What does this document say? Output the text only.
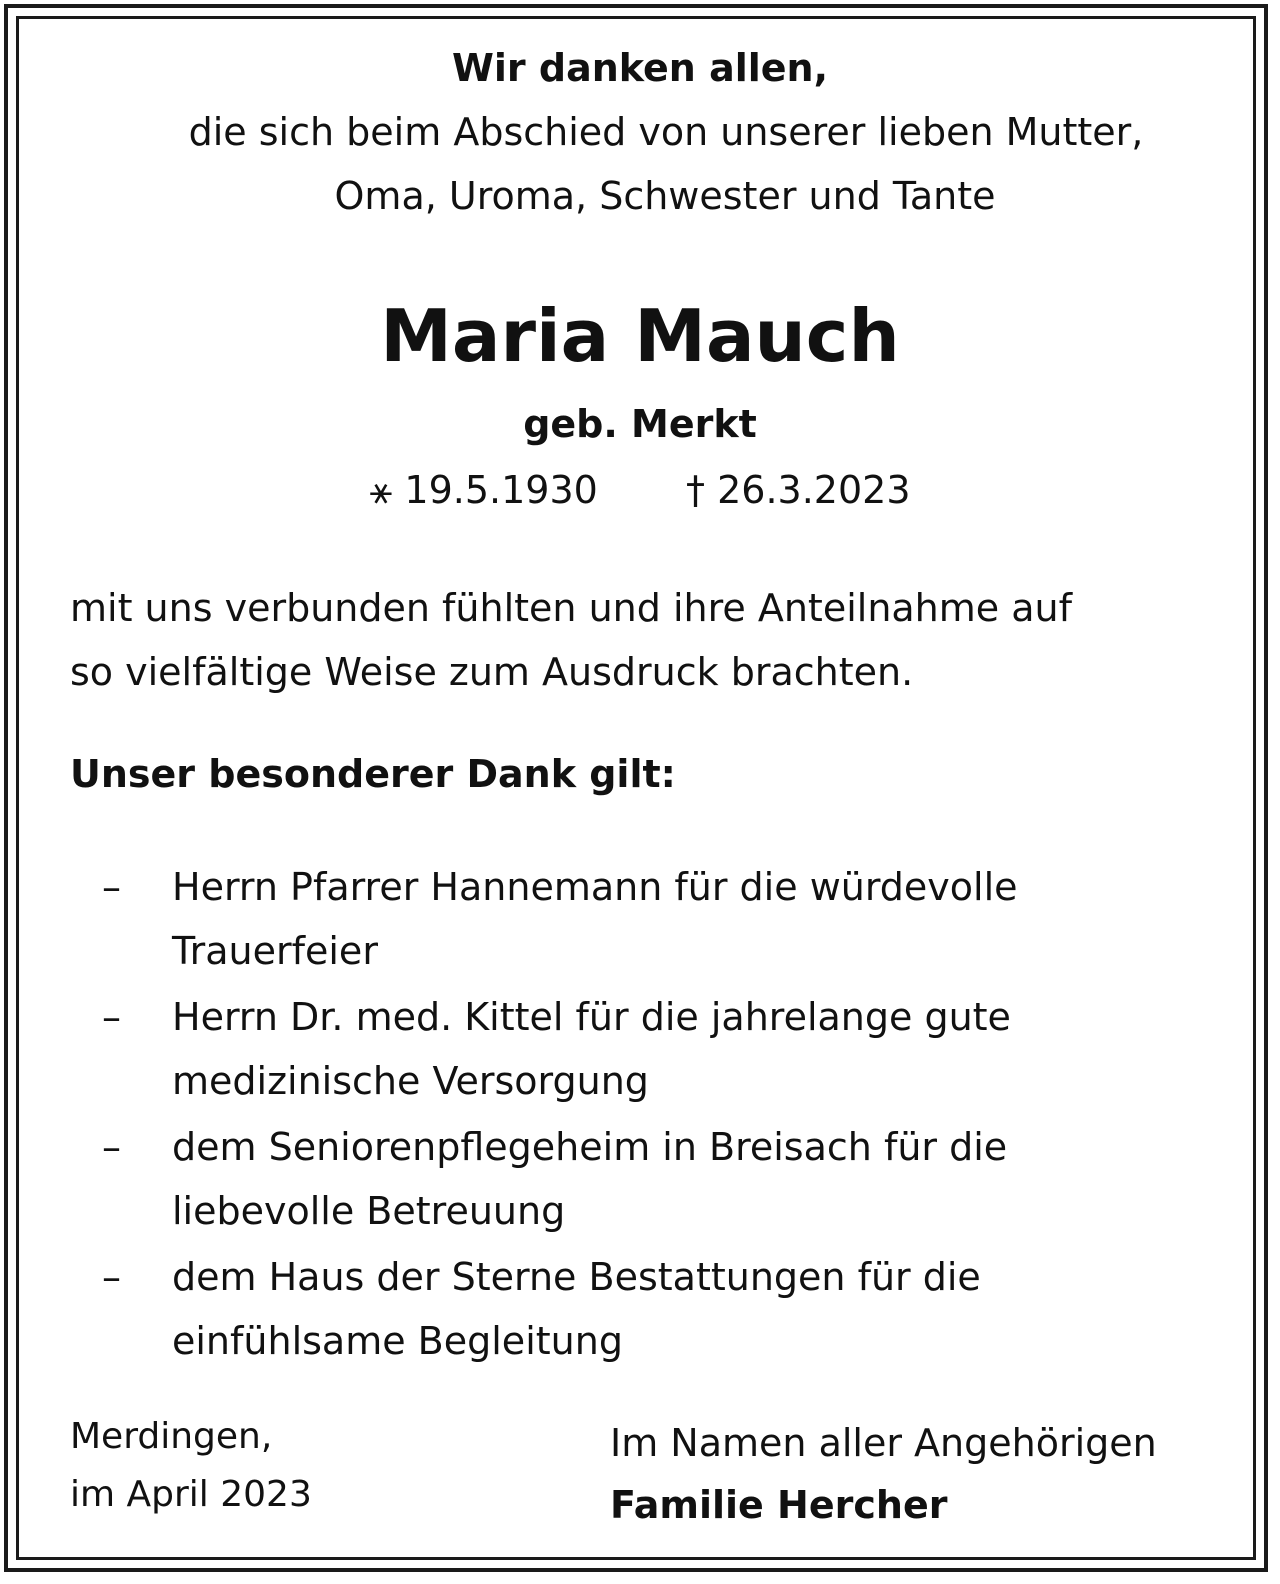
Wir danken allen,
die sich beim Abschied von unserer lieben Mutter,
Oma, Uroma, Schwester und Tante
Maria Mauch
geb. Merkt
⚹ 19.5.1930 † 26.3.2023
mit uns verbunden fühlten und ihre Anteilnahme auf
so vielfältige Weise zum Ausdruck brachten.
Unser besonderer Dank gilt:
– Herrn Pfarrer Hannemann für die würdevolle
Trauerfeier
– Herrn Dr. med. Kittel für die jahrelange gute
medizinische Versorgung
– dem Seniorenpflegeheim in Breisach für die
liebevolle Betreuung
– dem Haus der Sterne Bestattungen für die
einfühlsame Begleitung
Merdingen,
im April 2023
Im Namen aller Angehörigen
Familie Hercher
